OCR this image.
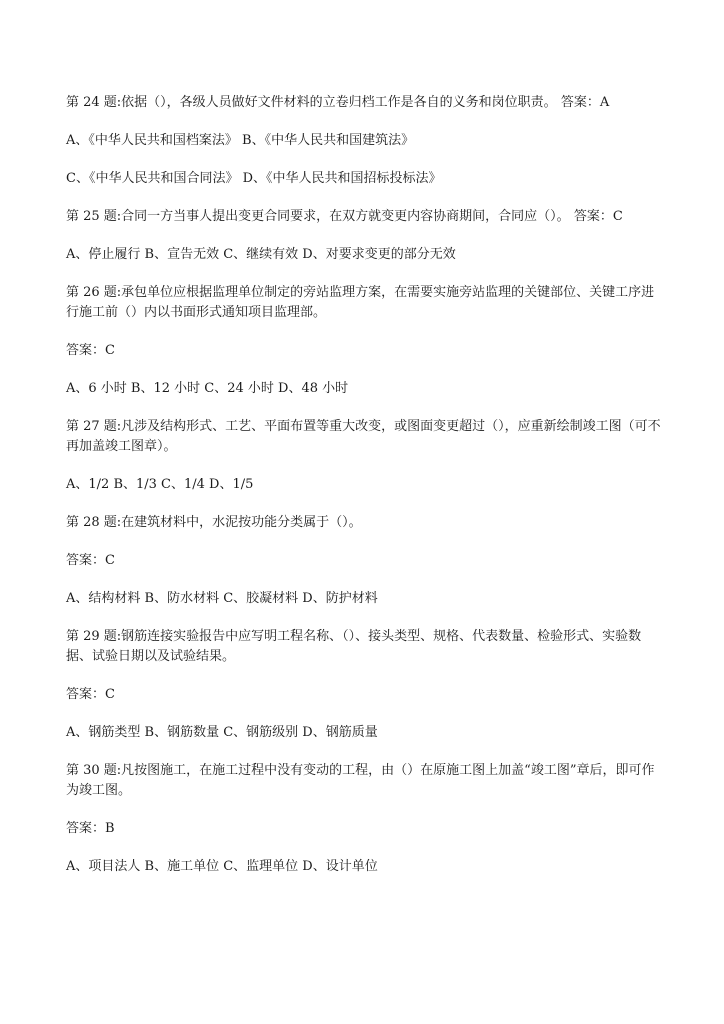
第 24 题:依据（），各级人员做好文件材料的立卷归档工作是各自的义务和岗位职责。 答案：A

A、《中华人民共和国档案法》 B、《中华人民共和国建筑法》

C、《中华人民共和国合同法》 D、《中华人民共和国招标投标法》

第 25 题:合同一方当事人提出变更合同要求，在双方就变更内容协商期间，合同应（）。 答案：C

A、停止履行 B、宣告无效 C、继续有效 D、对要求变更的部分无效

第 26 题:承包单位应根据监理单位制定的旁站监理方案，在需要实施旁站监理的关键部位、关键工序进行施工前（）内以书面形式通知项目监理部。

答案：C

A、6 小时 B、12 小时 C、24 小时 D、48 小时

第 27 题:凡涉及结构形式、工艺、平面布置等重大改变，或图面变更超过（），应重新绘制竣工图（可不再加盖竣工图章）。

A、1/2 B、1/3 C、1/4 D、1/5

第 28 题:在建筑材料中，水泥按功能分类属于（）。

答案：C

A、结构材料 B、防水材料 C、胶凝材料 D、防护材料

第 29 题:钢筋连接实验报告中应写明工程名称、（）、接头类型、规格、代表数量、检验形式、实验数据、试验日期以及试验结果。

答案：C

A、钢筋类型 B、钢筋数量 C、钢筋级别 D、钢筋质量

第 30 题:凡按图施工，在施工过程中没有变动的工程，由（）在原施工图上加盖“竣工图”章后，即可作为竣工图。

答案：B

A、项目法人 B、施工单位 C、监理单位 D、设计单位
